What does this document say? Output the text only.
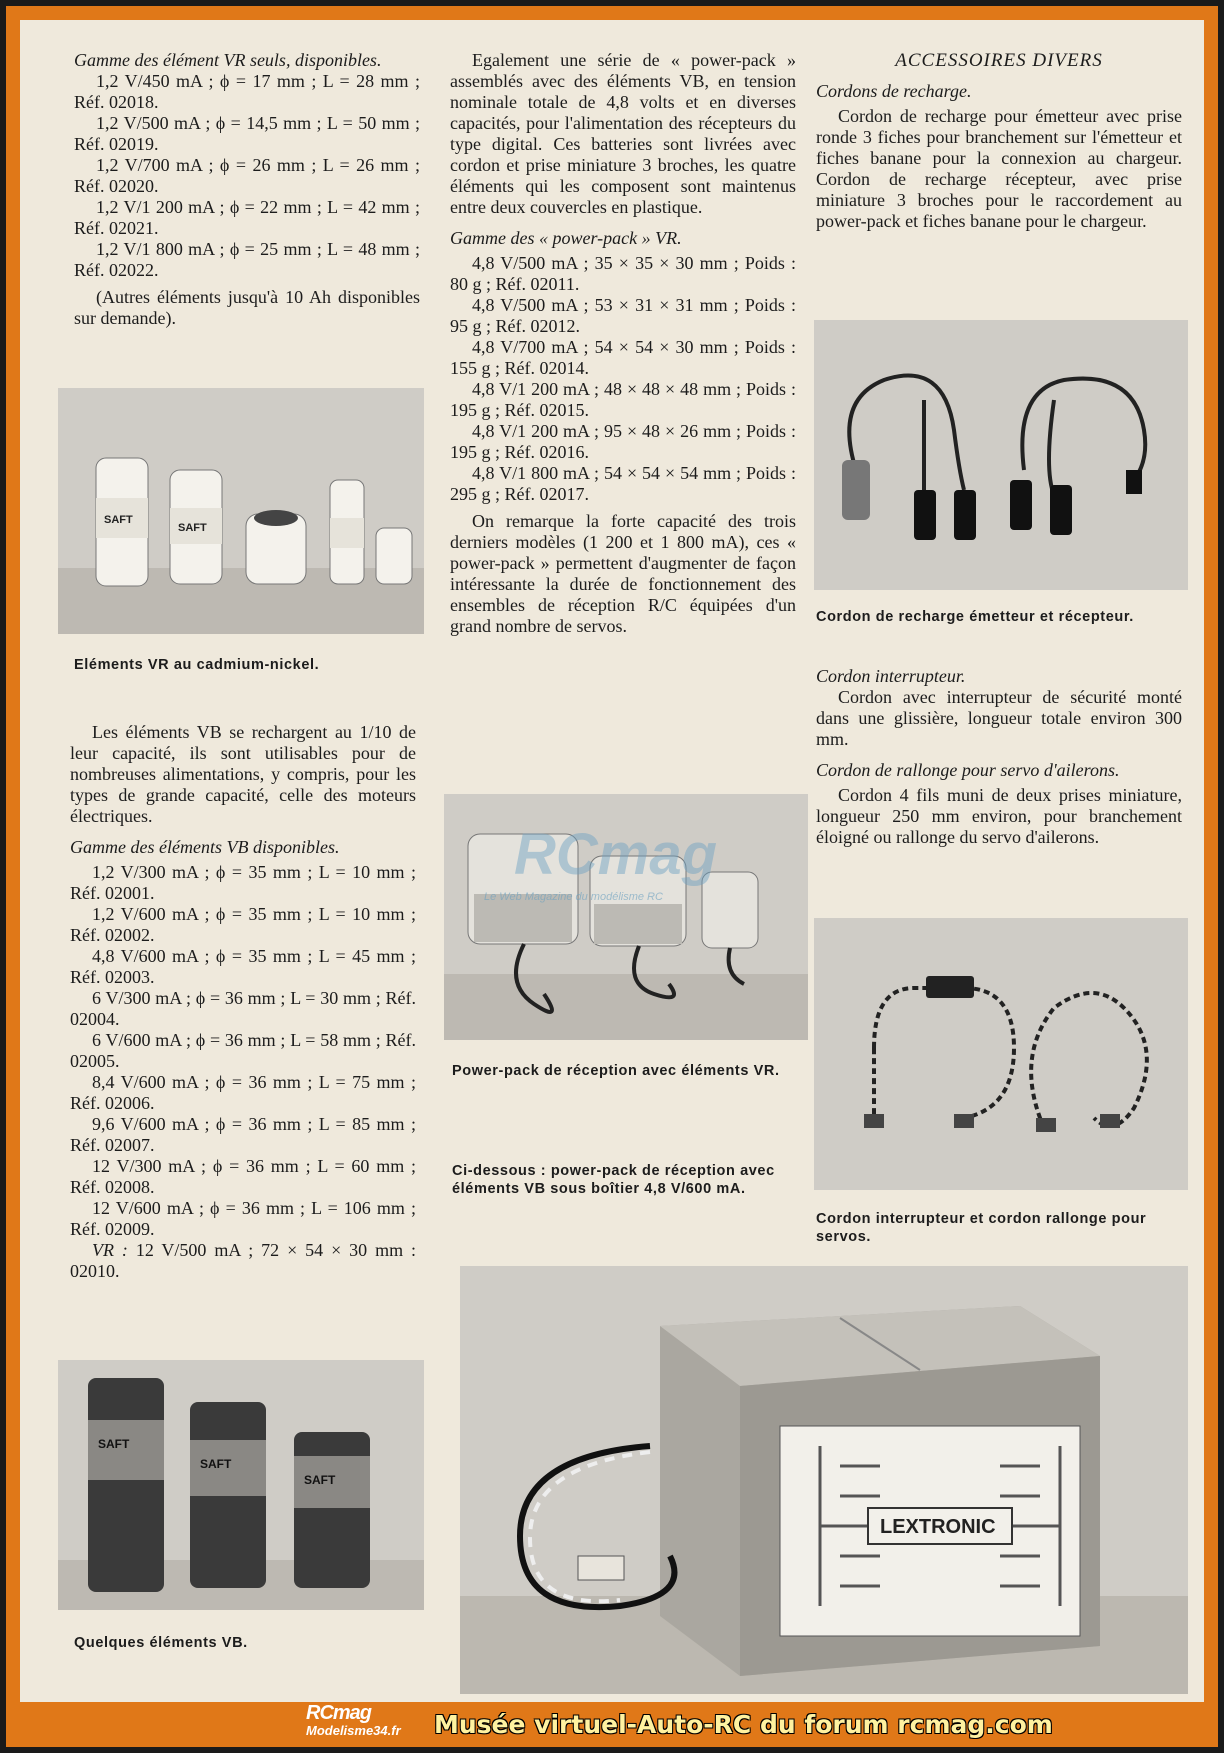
Gamme des élément VR seuls, disponibles.

1,2 V/450 mA ; ϕ = 17 mm ; L = 28 mm ; Réf. 02018.

1,2 V/500 mA ; ϕ = 14,5 mm ; L = 50 mm ; Réf. 02019.

1,2 V/700 mA ; ϕ = 26 mm ; L = 26 mm ; Réf. 02020.

1,2 V/1 200 mA ; ϕ = 22 mm ; L = 42 mm ; Réf. 02021.

1,2 V/1 800 mA ; ϕ = 25 mm ; L = 48 mm ; Réf. 02022.

(Autres éléments jusqu'à 10 Ah disponibles sur demande).

SAFT
SAFT
Eléments VR au cadmium-nickel.

Les éléments VB se rechargent au 1/10 de leur capacité, ils sont utilisables pour de nombreuses alimentations, y compris, pour les types de grande capacité, celle des moteurs électriques.

Gamme des éléments VB disponibles.

1,2 V/300 mA ; ϕ = 35 mm ; L = 10 mm ; Réf. 02001.

1,2 V/600 mA ; ϕ = 35 mm ; L = 10 mm ; Réf. 02002.

4,8 V/600 mA ; ϕ = 35 mm ; L = 45 mm ; Réf. 02003.

6 V/300 mA ; ϕ = 36 mm ; L = 30 mm ; Réf. 02004.

6 V/600 mA ; ϕ = 36 mm ; L = 58 mm ; Réf. 02005.

8,4 V/600 mA ; ϕ = 36 mm ; L = 75 mm ; Réf. 02006.

9,6 V/600 mA ; ϕ = 36 mm ; L = 85 mm ; Réf. 02007.

12 V/300 mA ; ϕ = 36 mm ; L = 60 mm ; Réf. 02008.

12 V/600 mA ; ϕ = 36 mm ; L = 106 mm ; Réf. 02009.

VR : 12 V/500 mA ; 72 × 54 × 30 mm : 02010.

SAFT
SAFT
SAFT
Quelques éléments VB.

Egalement une série de « power-pack » assemblés avec des éléments VB, en tension nominale totale de 4,8 volts et en diverses capacités, pour l'alimentation des récepteurs du type digital. Ces batteries sont livrées avec cordon et prise miniature 3 broches, les quatre éléments qui les composent sont maintenus entre deux couvercles en plastique.

Gamme des « power-pack » VR.

4,8 V/500 mA ; 35 × 35 × 30 mm ; Poids : 80 g ; Réf. 02011.

4,8 V/500 mA ; 53 × 31 × 31 mm ; Poids : 95 g ; Réf. 02012.

4,8 V/700 mA ; 54 × 54 × 30 mm ; Poids : 155 g ; Réf. 02014.

4,8 V/1 200 mA ; 48 × 48 × 48 mm ; Poids : 195 g ; Réf. 02015.

4,8 V/1 200 mA ; 95 × 48 × 26 mm ; Poids : 195 g ; Réf. 02016.

4,8 V/1 800 mA ; 54 × 54 × 54 mm ; Poids : 295 g ; Réf. 02017.

On remarque la forte capacité des trois derniers modèles (1 200 et 1 800 mA), ces « power-pack » permettent d'augmenter de façon intéressante la durée de fonctionnement des ensembles de réception R/C équipées d'un grand nombre de servos.

RCmag
Le Web Magazine du modélisme RC
Power-pack de réception avec éléments VR.
Ci-dessous : power-pack de réception avec éléments VB sous boîtier 4,8 V/600 mA.
LEXTRONIC

ACCESSOIRES DIVERS

Cordons de recharge.

Cordon de recharge pour émetteur avec prise ronde 3 fiches pour branchement sur l'émetteur et fiches banane pour la connexion au chargeur. Cordon de recharge récepteur, avec prise miniature 3 broches pour le raccordement au power-pack et fiches banane pour le chargeur.

Cordon de recharge émetteur et récepteur.

Cordon interrupteur.

Cordon avec interrupteur de sécurité monté dans une glissière, longueur totale environ 300 mm.

Cordon de rallonge pour servo d'ailerons.

Cordon 4 fils muni de deux prises miniature, longueur 250 mm environ, pour branchement éloigné ou rallonge du servo d'ailerons.

Cordon interrupteur et cordon rallonge pour servos.
RCmag
Modelisme34.fr Musée virtuel-Auto-RC du forum rcmag.com
